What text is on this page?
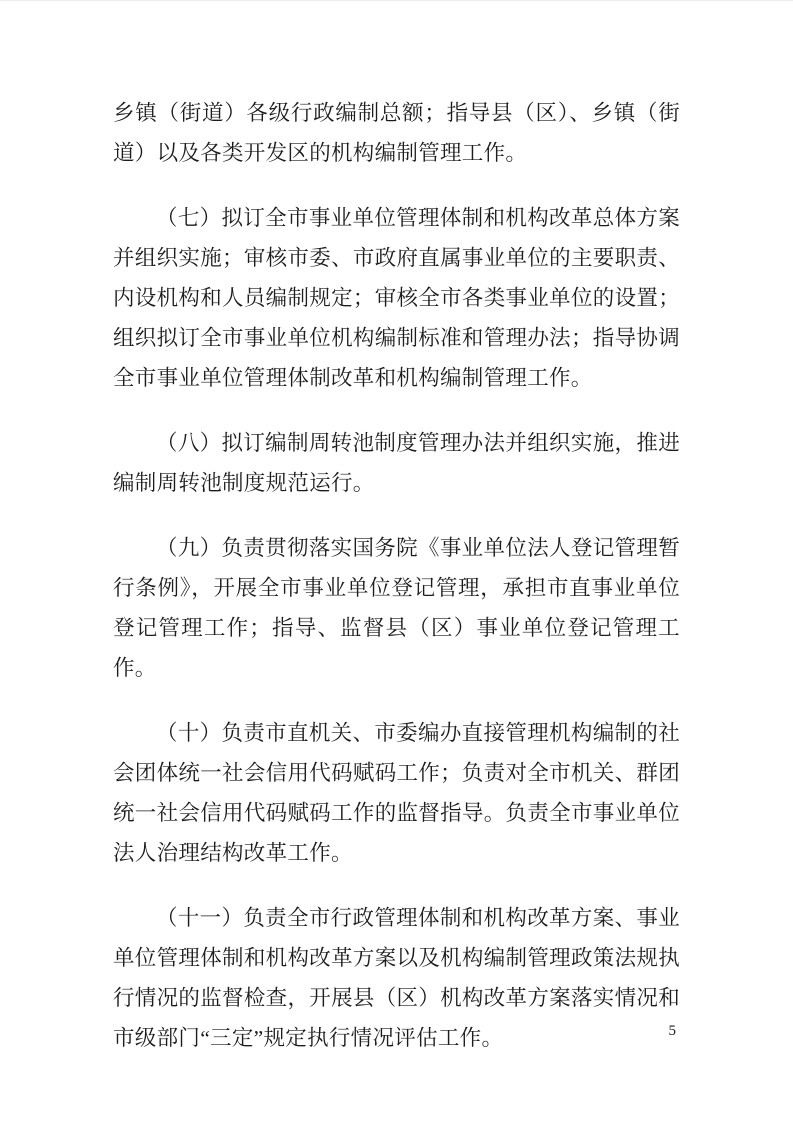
乡镇（街道）各级行政编制总额；指导县（区）、乡镇（街道）以及各类开发区的机构编制管理工作。

（七）拟订全市事业单位管理体制和机构改革总体方案并组织实施；审核市委、市政府直属事业单位的主要职责、内设机构和人员编制规定；审核全市各类事业单位的设置；组织拟订全市事业单位机构编制标准和管理办法；指导协调全市事业单位管理体制改革和机构编制管理工作。

（八）拟订编制周转池制度管理办法并组织实施，推进编制周转池制度规范运行。

（九）负责贯彻落实国务院《事业单位法人登记管理暂行条例》，开展全市事业单位登记管理，承担市直事业单位登记管理工作；指导、监督县（区）事业单位登记管理工作。

（十）负责市直机关、市委编办直接管理机构编制的社会团体统一社会信用代码赋码工作；负责对全市机关、群团统一社会信用代码赋码工作的监督指导。负责全市事业单位法人治理结构改革工作。

（十一）负责全市行政管理体制和机构改革方案、事业单位管理体制和机构改革方案以及机构编制管理政策法规执行情况的监督检查，开展县（区）机构改革方案落实情况和市级部门“三定”规定执行情况评估工作。	5
